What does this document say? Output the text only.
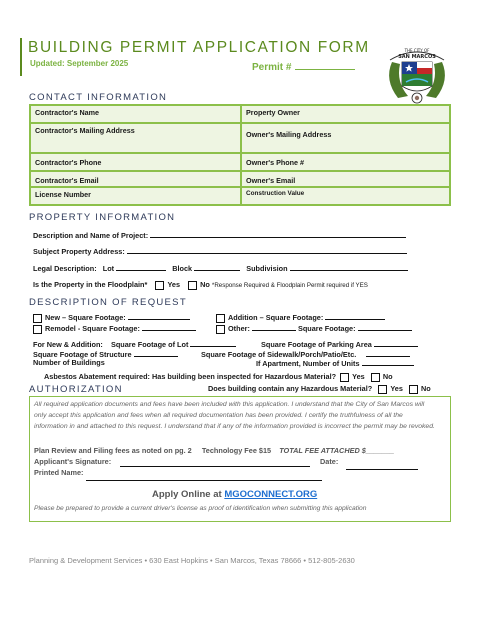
BUILDING PERMIT APPLICATION FORM
Updated: September 2025	Permit #
THE CITY OF
SAN MARCOS
CONTACT INFORMATION
Contractor's Name	Property Owner
Contractor's Mailing Address	Owner's Mailing Address
Contractor's Phone	Owner's Phone #
Contractor's Email	Owner's Email
License Number	Construction Value
PROPERTY INFORMATION
Description and Name of Project:
Subject Property Address:
Legal Description: Lot	Block	Subdivision
Is the Property in the Floodplain*	Yes	No *Response Required & Floodplain Permit required if YES
DESCRIPTION OF REQUEST
New – Square Footage:	Addition – Square Footage:
Remodel - Square Footage:	Other:	Square Footage:
For New & Addition: Square Footage of Lot	Square Footage of Parking Area
Square Footage of Structure	Square Footage of Sidewalk/Porch/Patio/Etc.
Number of Buildings	If Apartment, Number of Units
Asbestos Abatement required: Has building been inspected for Hazardous Material? Yes No
AUTHORIZATION	Does building contain any Hazardous Material? Yes No
All required application documents and fees have been included with this application. I understand that the City of San Marcos will only accept this application and fees when all required documentation has been provided. I certify the truthfulness of all the information in and attached to this request. I understand that if any of the information provided is incorrect the permit may be revoked.
Plan Review and Filing fees as noted on pg. 2 Technology Fee $15 TOTAL FEE ATTACHED $_______
Applicant's Signature:	Date:
Printed Name:
Apply Online at MGOCONNECT.ORG
Please be prepared to provide a current driver's license as proof of identification when submitting this application
Planning & Development Services • 630 East Hopkins • San Marcos, Texas 78666 • 512-805-2630
